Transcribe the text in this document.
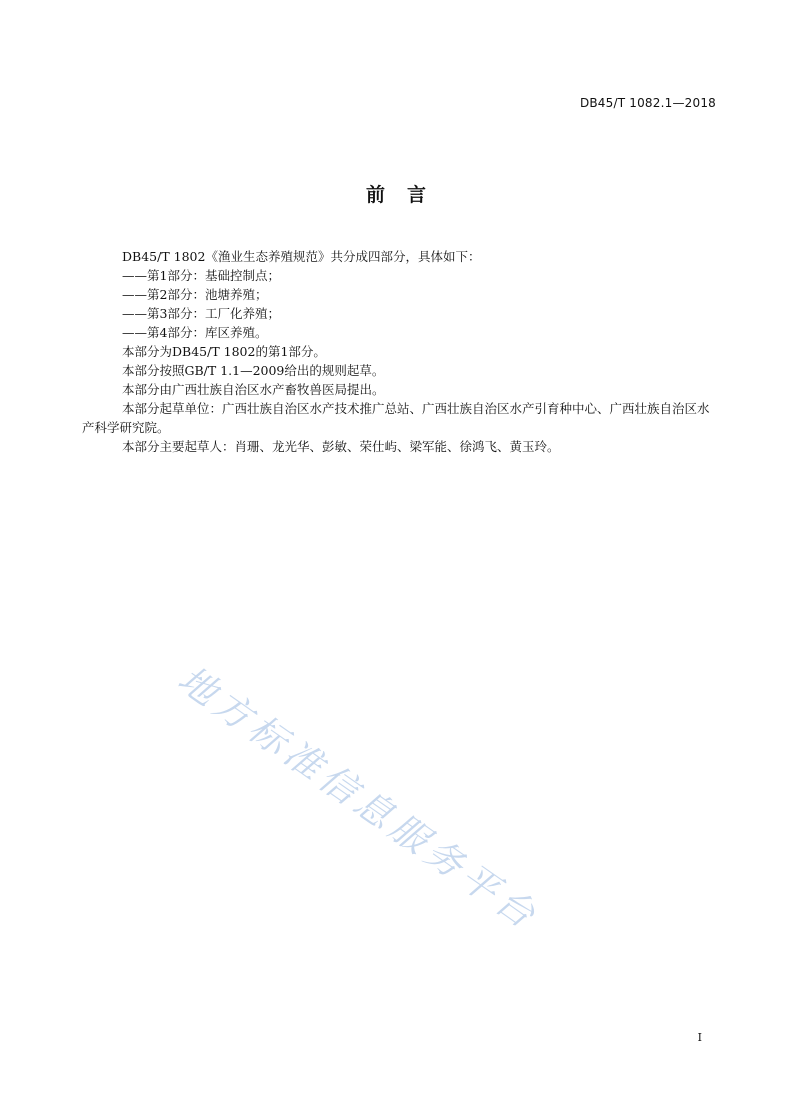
DB45/T 1082.1—2018
前 言

DB45/T 1802《渔业生态养殖规范》共分成四部分，具体如下：

——第1部分：基础控制点；

——第2部分：池塘养殖；

——第3部分：工厂化养殖；

——第4部分：库区养殖。

本部分为DB45/T 1802的第1部分。

本部分按照GB/T 1.1—2009给出的规则起草。

本部分由广西壮族自治区水产畜牧兽医局提出。

本部分起草单位：广西壮族自治区水产技术推广总站、广西壮族自治区水产引育种中心、广西壮族自治区水产科学研究院。

本部分主要起草人：肖珊、龙光华、彭敏、荣仕屿、梁军能、徐鸿飞、黄玉玲。

地方标准信息服务平台
I
